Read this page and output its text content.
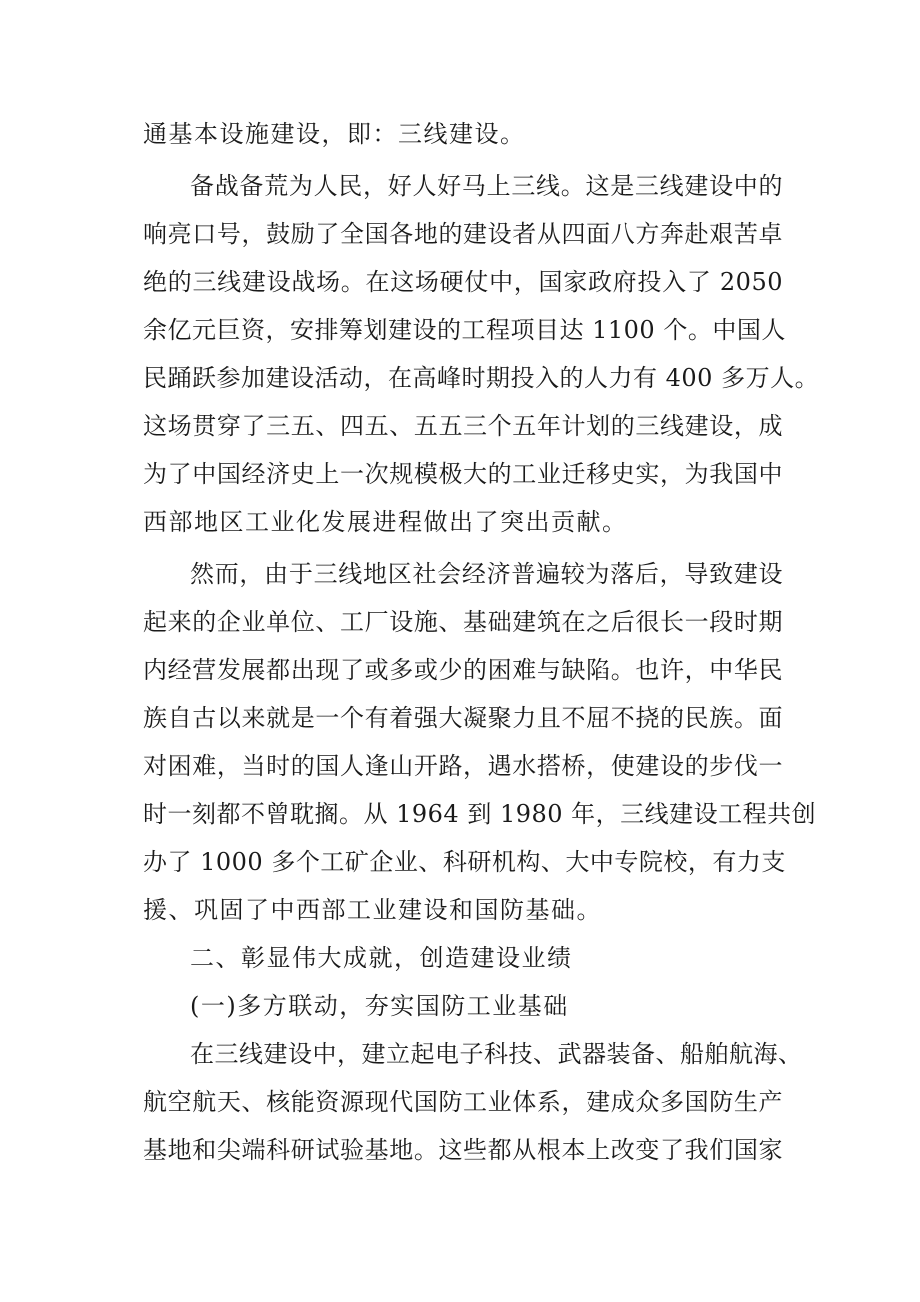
通基本设施建设，即：三线建设。
备战备荒为人民，好人好马上三线。这是三线建设中的
响亮口号，鼓励了全国各地的建设者从四面八方奔赴艰苦卓
绝的三线建设战场。在这场硬仗中，国家政府投入了 2050
余亿元巨资，安排筹划建设的工程项目达 1100 个。中国人
民踊跃参加建设活动，在高峰时期投入的人力有 400 多万人。
这场贯穿了三五、四五、五五三个五年计划的三线建设，成
为了中国经济史上一次规模极大的工业迁移史实，为我国中
西部地区工业化发展进程做出了突出贡献。
然而，由于三线地区社会经济普遍较为落后，导致建设
起来的企业单位、工厂设施、基础建筑在之后很长一段时期
内经营发展都出现了或多或少的困难与缺陷。也许，中华民
族自古以来就是一个有着强大凝聚力且不屈不挠的民族。面
对困难，当时的国人逢山开路，遇水搭桥，使建设的步伐一
时一刻都不曾耽搁。从 1964 到 1980 年，三线建设工程共创
办了 1000 多个工矿企业、科研机构、大中专院校，有力支
援、巩固了中西部工业建设和国防基础。
二、彰显伟大成就，创造建设业绩
(一)多方联动，夯实国防工业基础
在三线建设中，建立起电子科技、武器装备、船舶航海、
航空航天、核能资源现代国防工业体系，建成众多国防生产
基地和尖端科研试验基地。这些都从根本上改变了我们国家
